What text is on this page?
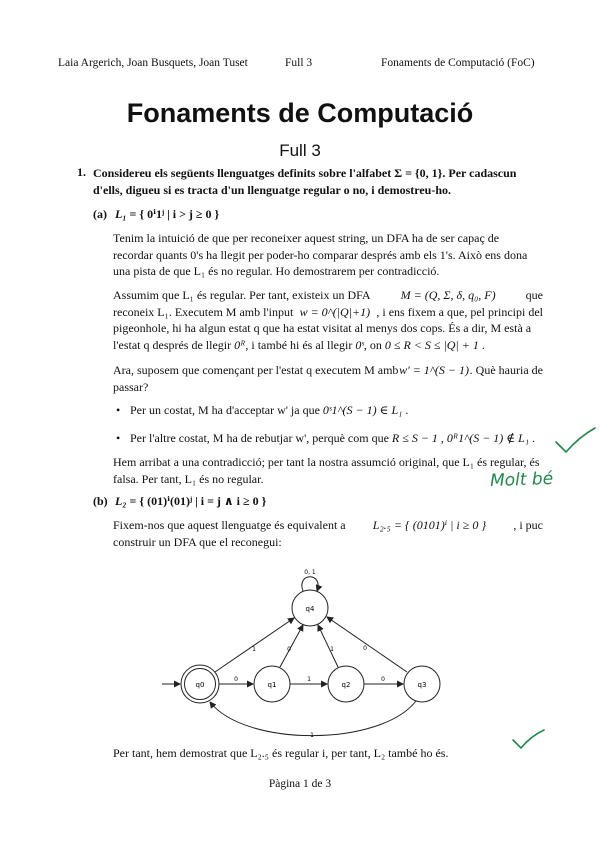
Laia Argerich, Joan Busquets, Joan Tuset	Full 3	Fonaments de Computació (FoC)
Fonaments de Computació
Full 3
1. Considereu els següents llenguatges definits sobre l'alfabet Σ = {0, 1}. Per cadascun
d'ells, digueu si es tracta d'un llenguatge regular o no, i demostreu-ho.
(a) L₁ = { 0ⁱ1ʲ | i > j ≥ 0 }
Tenim la intuició de que per reconeixer aquest string, un DFA ha de ser capaç de
recordar quants 0's ha llegit per poder-ho comparar després amb els 1's. Això ens dona
una pista de que L₁ és no regular. Ho demostrarem per contradicció.
Assumim que L₁ és regular. Per tant, existeix un DFA	M = (Q, Σ, δ, q₀, F)	que
reconeix L₁. Executem M amb l'input w = 0^(|Q|+1) , i ens fixem a que, pel principi del
pigeonhole, hi ha algun estat q que ha estat visitat al menys dos cops. És a dir, M està a
l'estat q després de llegir 0ᴿ, i també hi és al llegir 0ˢ, on 0 ≤ R < S ≤ |Q| + 1 .
Ara, suposem que començant per l'estat q executem M amb w' = 1^(S − 1) . Què hauria de
passar?
• Per un costat, M ha d'acceptar w' ja que 0ˢ1^(S − 1) ∈ L₁ .
• Per l'altre costat, M ha de rebutjar w', perquè com que R ≤ S − 1 , 0ᴿ1^(S − 1) ∉ L₁ .
Hem arribat a una contradicció; per tant la nostra assumció original, que L₁ és regular, és
falsa. Per tant, L₁ és no regular.	Molt bé
(b) L₂ = { (01)ⁱ(01)ʲ | i = j ∧ i ≥ 0 }
Fixem-nos que aquest llenguatge és equivalent a L₂.₅ = { (0101)ⁱ | i ≥ 0 } , i puc
construir un DFA que el reconegui:
q0	q1	q2	q3
q4
0, 1
0	1	0
1	0	1	0
1
Per tant, hem demostrat que L₂.₅ és regular i, per tant, L₂ també ho és.
Pàgina 1 de 3
